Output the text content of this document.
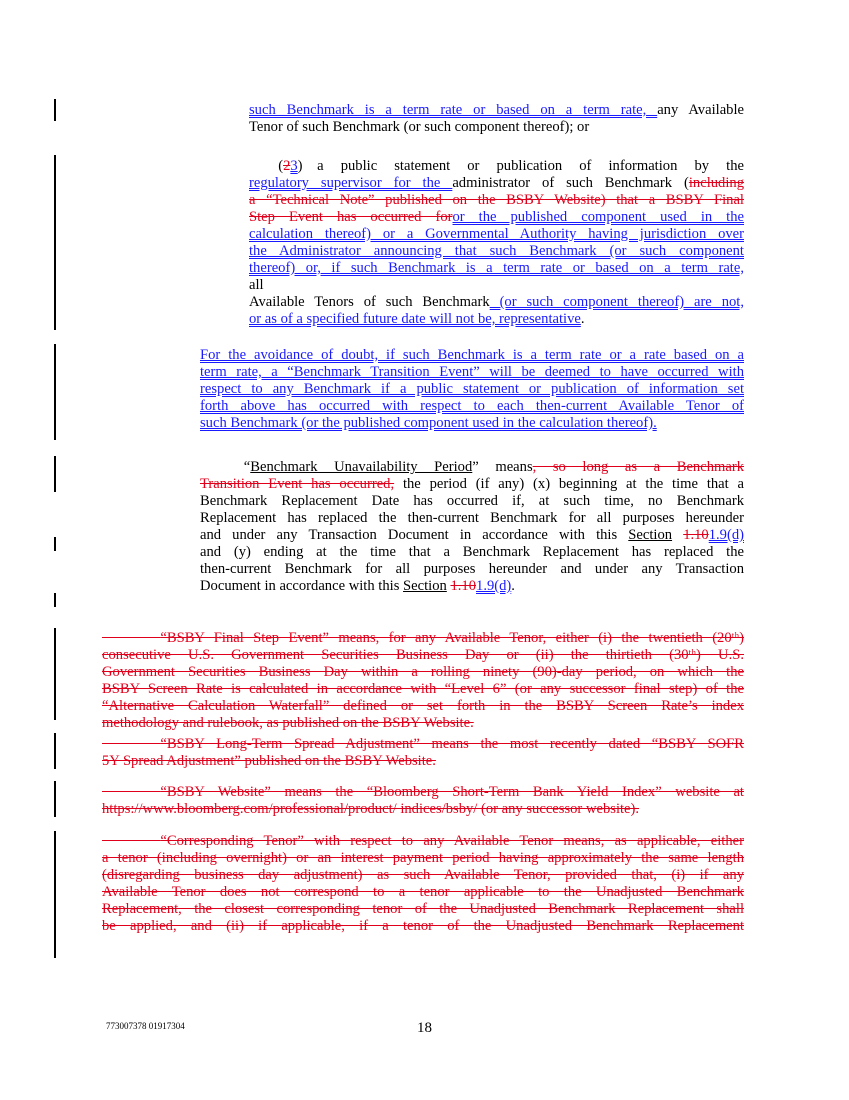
such Benchmark is a term rate or based on a term rate, any Available
Tenor of such Benchmark (or such component thereof); or
  (23) a public statement or publication of information by the
regulatory supervisor for the administrator of such Benchmark (including
a “Technical Note” published on the BSBY Website) that a BSBY Final
Step Event has occurred foror the published component used in the
calculation thereof) or a Governmental Authority having jurisdiction over
the Administrator announcing that such Benchmark (or such component
thereof) or, if such Benchmark is a term rate or based on a term rate,
all
Available Tenors of such Benchmark (or such component thereof) are not,
or as of a specified future date will not be, representative.
For the avoidance of doubt, if such Benchmark is a term rate or a rate based on a
term rate, a “Benchmark Transition Event” will be deemed to have occurred with
respect to any Benchmark if a public statement or publication of information set
forth above has occurred with respect to each then-current Available Tenor of
such Benchmark (or the published component used in the calculation thereof).
   “Benchmark Unavailability Period” means, so long as a Benchmark
Transition Event has occurred, the period (if any) (x) beginning at the time that a
Benchmark Replacement Date has occurred if, at such time, no Benchmark
Replacement has replaced the then-current Benchmark for all purposes hereunder
and under any Transaction Document in accordance with this Section 1.101.9(d)
and (y) ending at the time that a Benchmark Replacement has replaced the
then-current Benchmark for all purposes hereunder and under any Transaction
Document in accordance with this Section 1.101.9(d).
    “BSBY Final Step Event” means, for any Available Tenor, either (i) the twentieth (20ᵗʰ)
consecutive U.S. Government Securities Business Day or (ii) the thirtieth (30ᵗʰ) U.S.
Government Securities Business Day within a rolling ninety (90)-day period, on which the
BSBY Screen Rate is calculated in accordance with “Level 6” (or any successor final step) of the
“Alternative Calculation Waterfall” defined or set forth in the BSBY Screen Rate’s index
methodology and rulebook, as published on the BSBY Website.
    “BSBY Long-Term Spread Adjustment” means the most recently dated “BSBY SOFR
5Y Spread Adjustment” published on the BSBY Website.
    “BSBY Website” means the “Bloomberg Short-Term Bank Yield Index” website at
https://www.bloomberg.com/professional/product/ indices/bsby/ (or any successor website).
    “Corresponding Tenor” with respect to any Available Tenor means, as applicable, either
a tenor (including overnight) or an interest payment period having approximately the same length
(disregarding business day adjustment) as such Available Tenor, provided that, (i) if any
Available Tenor does not correspond to a tenor applicable to the Unadjusted Benchmark
Replacement, the closest corresponding tenor of the Unadjusted Benchmark Replacement shall
be applied, and (ii) if applicable, if a tenor of the Unadjusted Benchmark Replacement
773007378 01917304	18
